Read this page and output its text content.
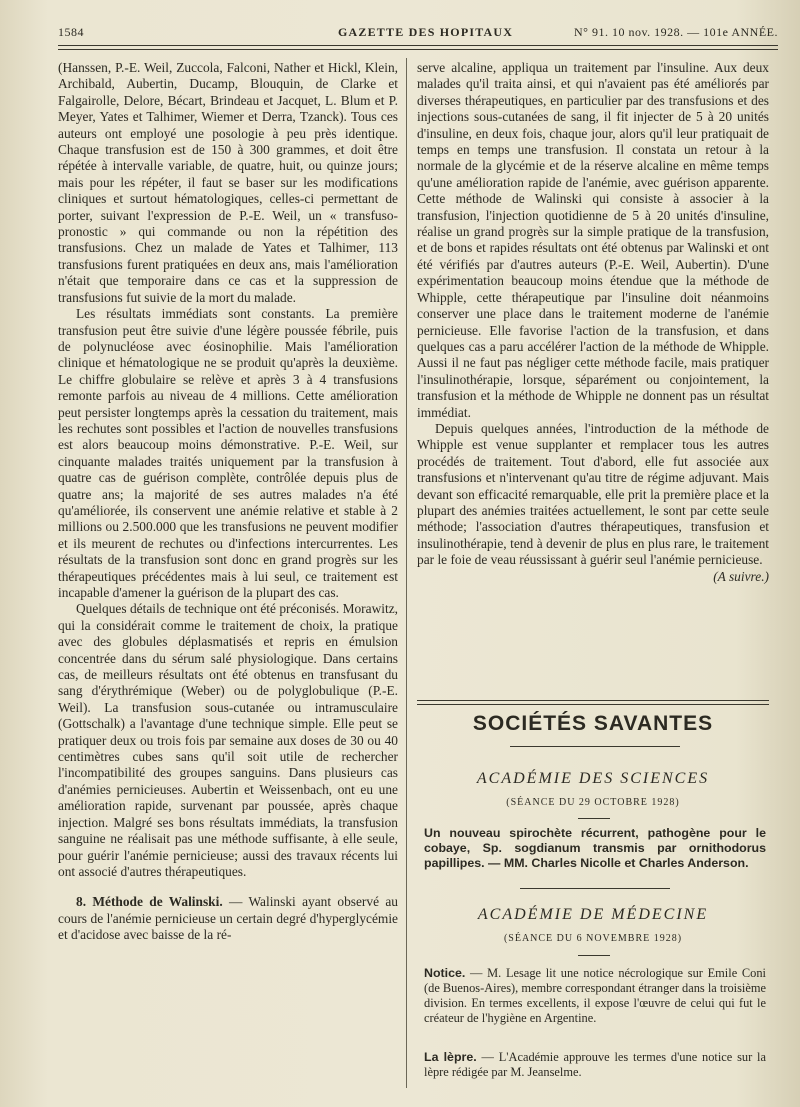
1584	GAZETTE DES HOPITAUX	N° 91. 10 nov. 1928. — 101e ANNÉE.

(Hanssen, P.-E. Weil, Zuccola, Falconi, Nather et Hickl, Klein, Archibald, Aubertin, Ducamp, Blouquin, de Clarke et Falgairolle, Delore, Bécart, Brindeau et Jacquet, L. Blum et P. Meyer, Yates et Talhimer, Wiemer et Derra, Tzanck). Tous ces auteurs ont employé une posologie à peu près identique. Chaque transfusion est de 150 à 300 grammes, et doit être répétée à intervalle variable, de quatre, huit, ou quinze jours; mais pour les répéter, il faut se baser sur les modifications cliniques et surtout hématologiques, celles-ci permettant de porter, suivant l'expression de P.-E. Weil, un « transfuso-pronostic » qui commande ou non la répétition des transfusions. Chez un malade de Yates et Talhimer, 113 transfusions furent pratiquées en deux ans, mais l'amélioration n'était que temporaire dans ce cas et la suppression de transfusions fut suivie de la mort du malade.

Les résultats immédiats sont constants. La première transfusion peut être suivie d'une légère poussée fébrile, puis de polynucléose avec éosinophilie. Mais l'amélioration clinique et hématologique ne se produit qu'après la deuxième. Le chiffre globulaire se relève et après 3 à 4 transfusions remonte parfois au niveau de 4 millions. Cette amélioration peut persister longtemps après la cessation du traitement, mais les rechutes sont possibles et l'action de nouvelles transfusions est alors beaucoup moins démonstrative. P.-E. Weil, sur cinquante malades traités uniquement par la transfusion à quatre cas de guérison complète, contrôlée depuis plus de quatre ans; la majorité de ses autres malades n'a été qu'améliorée, ils conservent une anémie relative et stable à 2 millions ou 2.500.000 que les transfusions ne peuvent modifier et ils meurent de rechutes ou d'infections intercurrentes. Les résultats de la transfusion sont donc en grand progrès sur les thérapeutiques précédentes mais à lui seul, ce traitement est incapable d'amener la guérison de la plupart des cas.

Quelques détails de technique ont été préconisés. Morawitz, qui la considérait comme le traitement de choix, la pratique avec des globules déplasmatisés et repris en émulsion concentrée dans du sérum salé physiologique. Dans certains cas, de meilleurs résultats ont été obtenus en transfusant du sang d'érythrémique (Weber) ou de polyglobulique (P.-E. Weil). La transfusion sous-cutanée ou intramusculaire (Gottschalk) a l'avantage d'une technique simple. Elle peut se pratiquer deux ou trois fois par semaine aux doses de 30 ou 40 centimètres cubes sans qu'il soit utile de rechercher l'incompatibilité des groupes sanguins. Dans plusieurs cas d'anémies pernicieuses. Aubertin et Weissenbach, ont eu une amélioration rapide, survenant par poussée, après chaque injection. Malgré ses bons résultats immédiats, la transfusion sanguine ne réalisait pas une méthode suffisante, à elle seule, pour guérir l'anémie pernicieuse; aussi des travaux récents lui ont associé d'autres thérapeutiques.

8. Méthode de Walinski. — Walinski ayant observé au cours de l'anémie pernicieuse un certain degré d'hyperglycémie et d'acidose avec baisse de la ré-

serve alcaline, appliqua un traitement par l'insuline. Aux deux malades qu'il traita ainsi, et qui n'avaient pas été améliorés par diverses thérapeutiques, en particulier par des transfusions et des injections sous-cutanées de sang, il fit injecter de 5 à 20 unités d'insuline, en deux fois, chaque jour, alors qu'il leur pratiquait de temps en temps une transfusion. Il constata un retour à la normale de la glycémie et de la réserve alcaline en même temps qu'une amélioration rapide de l'anémie, avec guérison apparente. Cette méthode de Walinski qui consiste à associer à la transfusion, l'injection quotidienne de 5 à 20 unités d'insuline, réalise un grand progrès sur la simple pratique de la transfusion, et de bons et rapides résultats ont été obtenus par Walinski et ont été vérifiés par d'autres auteurs (P.-E. Weil, Aubertin). D'une expérimentation beaucoup moins étendue que la méthode de Whipple, cette thérapeutique par l'insuline doit néanmoins conserver une place dans le traitement moderne de l'anémie pernicieuse. Elle favorise l'action de la transfusion, et dans quelques cas a paru accélérer l'action de la méthode de Whipple. Aussi il ne faut pas négliger cette méthode facile, mais pratiquer l'insulinothérapie, lorsque, séparément ou conjointement, la transfusion et la méthode de Whipple ne donnent pas un résultat immédiat.

Depuis quelques années, l'introduction de la méthode de Whipple est venue supplanter et remplacer tous les autres procédés de traitement. Tout d'abord, elle fut associée aux transfusions et n'intervenant qu'au titre de régime adjuvant. Mais devant son efficacité remarquable, elle prit la première place et la plupart des anémies traitées actuellement, le sont par cette seule méthode; l'association d'autres thérapeutiques, transfusion et insulinothérapie, tend à devenir de plus en plus rare, le traitement par le foie de veau réussissant à guérir seul l'anémie pernicieuse.

(A suivre.)

SOCIÉTÉS SAVANTES
ACADÉMIE DES SCIENCES
(SÉANCE DU 29 OCTOBRE 1928)
Un nouveau spirochète récurrent, pathogène pour le cobaye, Sp. sogdianum transmis par ornithodorus papillipes. — MM. Charles Nicolle et Charles Anderson.
ACADÉMIE DE MÉDECINE
(SÉANCE DU 6 NOVEMBRE 1928)
Notice. — M. Lesage lit une notice nécrologique sur Emile Coni (de Buenos-Aires), membre correspondant étranger dans la troisième division. En termes excellents, il expose l'œuvre de celui qui fut le créateur de l'hygiène en Argentine.
La lèpre. — L'Académie approuve les termes d'une notice sur la lèpre rédigée par M. Jeanselme.
